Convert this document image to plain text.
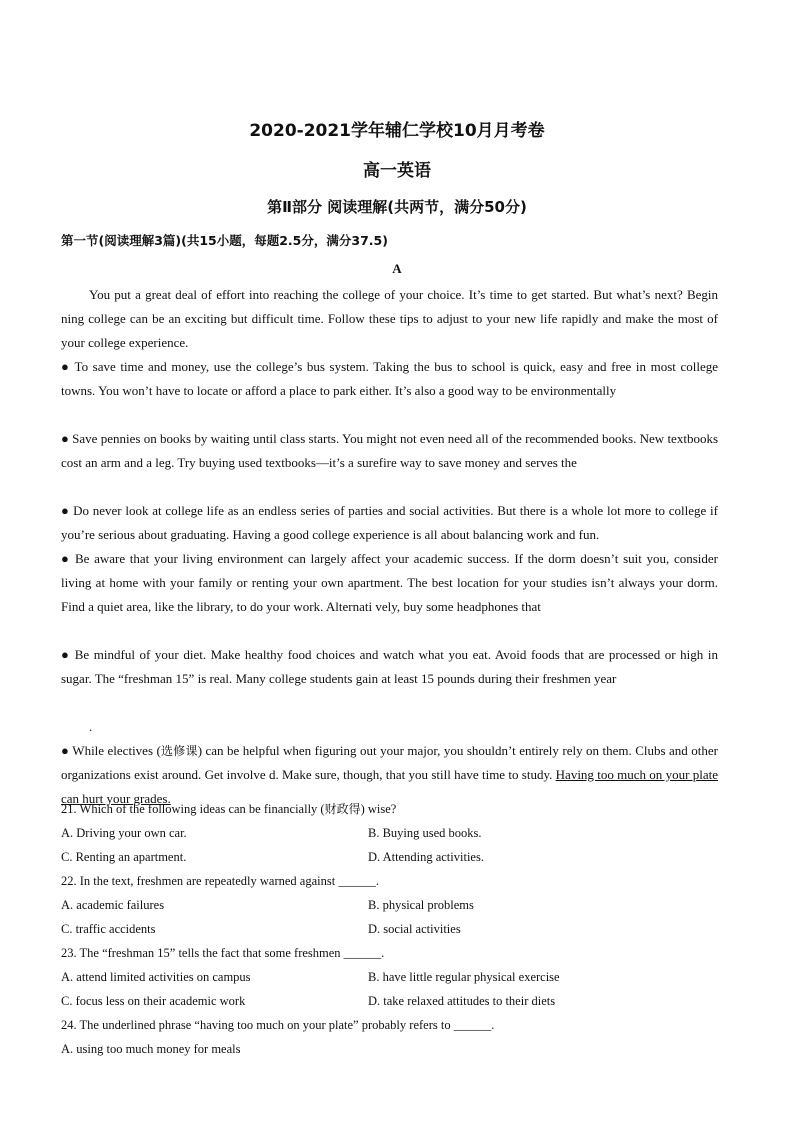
2020-2021学年辅仁学校10月月考卷
高一英语
第Ⅱ部分 阅读理解(共两节，满分50分)
第一节(阅读理解3篇)(共15小题，每题2.5分，满分37.5)
A

You put a great deal of effort into reaching the college of your choice. It’s time to get started. But what’s next? Begin ning college can be an exciting but difficult time. Follow these tips to adjust to your new life rapidly and make the most of your college experience.

● To save time and money, use the college’s bus system. Taking the bus to school is quick, easy and free in most college towns. You won’t have to locate or afford a place to park either. It’s also a good way to be environmentally

● Save pennies on books by waiting until class starts. You might not even need all of the recommended books. New textbooks cost an arm and a leg. Try buying used textbooks—it’s a surefire way to save money and serves the

● Do never look at college life as an endless series of parties and social activities. But there is a whole lot more to college if you’re serious about graduating. Having a good college experience is all about balancing work and fun.

● Be aware that your living environment can largely affect your academic success. If the dorm doesn’t suit you, consider living at home with your family or renting your own apartment. The best location for your studies isn’t always your dorm. Find a quiet area, like the library, to do your work. Alternati vely, buy some headphones that

● Be mindful of your diet. Make healthy food choices and watch what you eat. Avoid foods that are processed or high in sugar. The “freshman 15” is real. Many college students gain at least 15 pounds during their freshmen year

.

● While electives (选修课) can be helpful when figuring out your major, you shouldn’t entirely rely on them. Clubs and other organizations exist around. Get involve d. Make sure, though, that you still have time to study. Having too much on your plate can hurt your grades.

21. Which of the following ideas can be financially (财政得) wise?

A. Driving your own car.	B. Buying used books.
C. Renting an apartment.	D. Attending activities.

22. In the text, freshmen are repeatedly warned against ______.

A. academic failures	B. physical problems
C. traffic accidents	D. social activities

23. The “freshman 15” tells the fact that some freshmen ______.

A. attend limited activities on campus	B. have little regular physical exercise
C. focus less on their academic work	D. take relaxed attitudes to their diets

24. The underlined phrase “having too much on your plate” probably refers to ______.

A. using too much money for meals
